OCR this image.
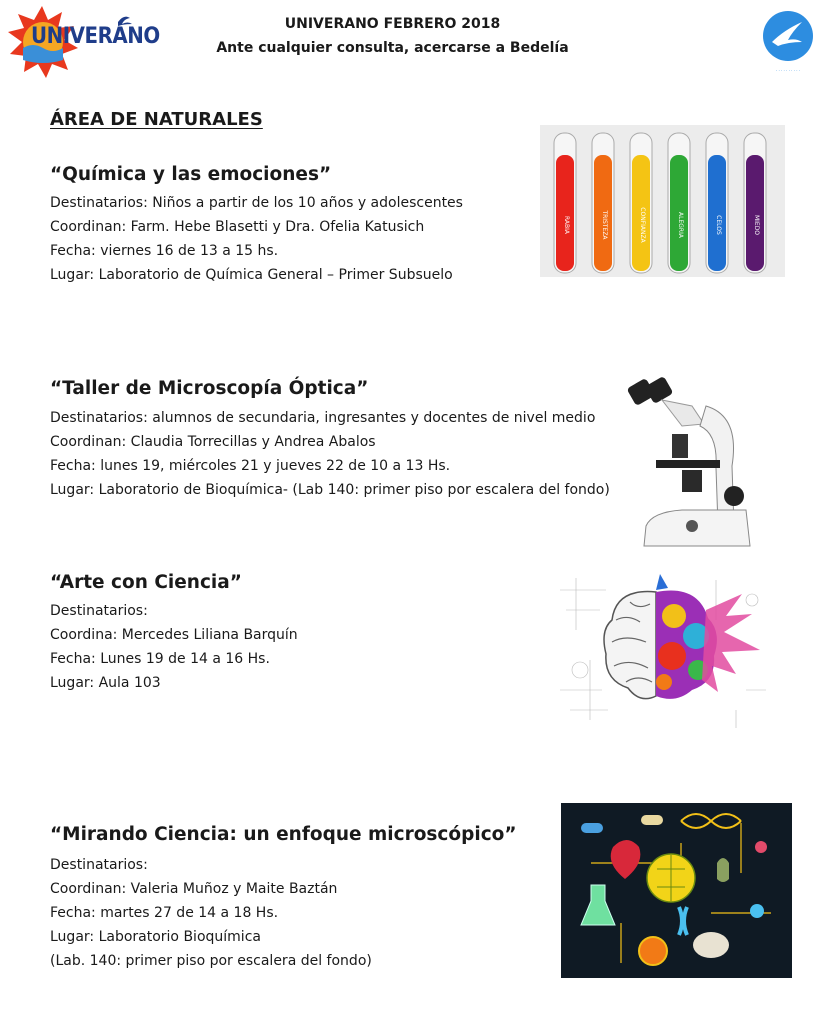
UNIVERANO	UNIVERANO FEBRERO 2018
Ante cualquier consulta, acercarse a Bedelía
· · · · · · · · · ·
ÁREA DE NATURALES
“Química y las emociones”
Destinatarios: Niños a partir de los 10 años y adolescentes
Coordinan: Farm. Hebe Blasetti y Dra. Ofelia Katusich
Fecha: viernes 16 de 13 a 15 hs.
Lugar: Laboratorio de Química General – Primer Subsuelo
RABIA	TRISTEZA	CONFIANZA	ALEGRIA	CELOS	MIEDO
“Taller de Microscopía Óptica”
Destinatarios: alumnos de secundaria, ingresantes y docentes de nivel medio
Coordinan: Claudia Torrecillas y Andrea Abalos
Fecha: lunes 19, miércoles 21 y jueves 22 de 10 a 13 Hs.
Lugar: Laboratorio de Bioquímica- (Lab 140: primer piso por escalera del fondo)
“Arte con Ciencia”
Destinatarios:
Coordina: Mercedes Liliana Barquín
Fecha: Lunes 19 de 14 a 16 Hs.
Lugar: Aula 103
“Mirando Ciencia: un enfoque microscópico”
Destinatarios:
Coordinan: Valeria Muñoz y Maite Baztán
Fecha: martes 27 de 14 a 18 Hs.
Lugar: Laboratorio Bioquímica
(Lab. 140: primer piso por escalera del fondo)
